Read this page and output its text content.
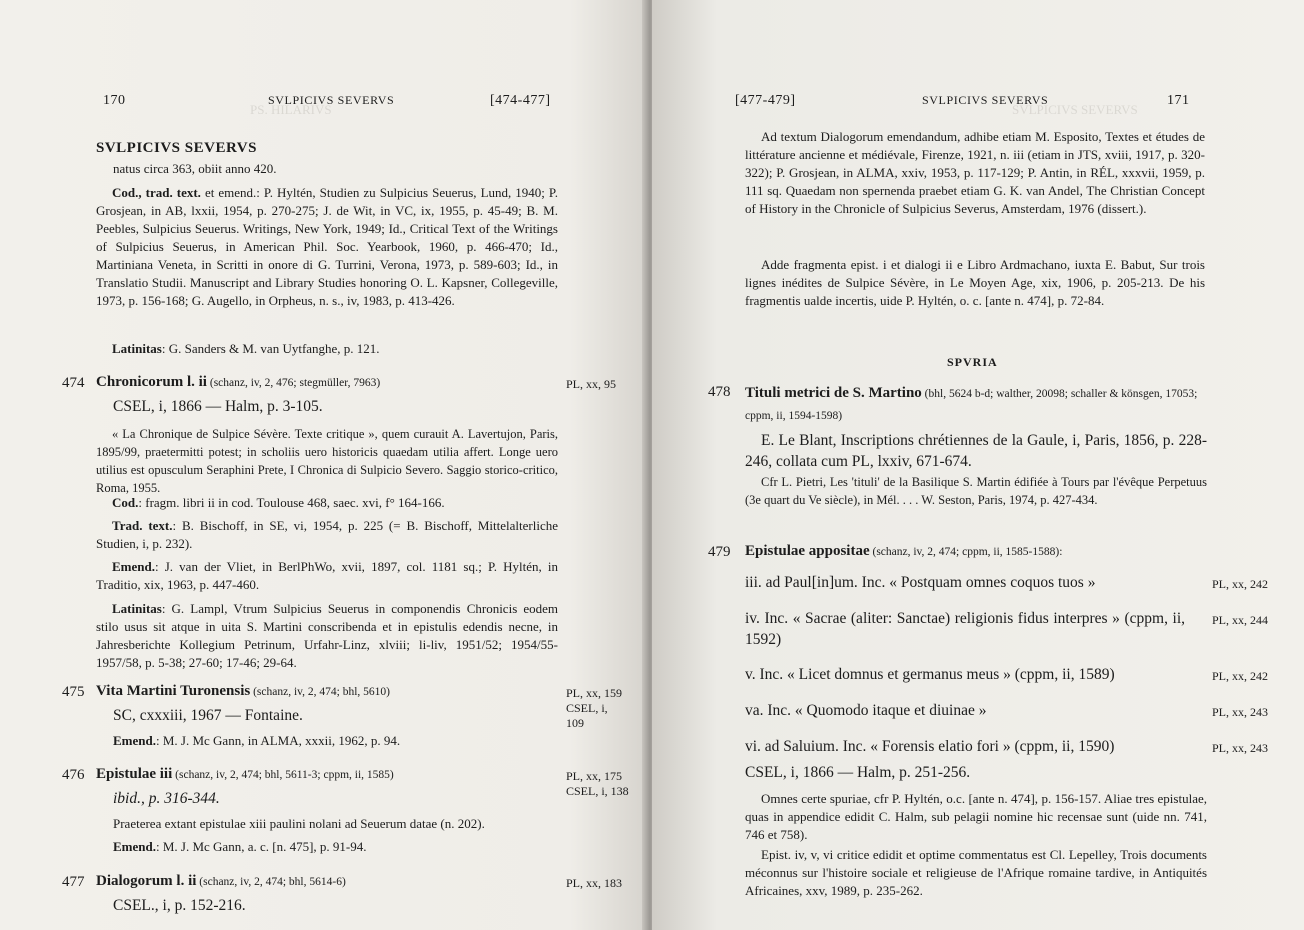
PS. HILARIVS
170	SVLPICIVS SEVERVS	[474-477]
SVLPICIVS SEVERVS
natus circa 363, obiit anno 420.
Cod., trad. text. et emend.: P. Hyltén, Studien zu Sulpicius Seuerus, Lund, 1940; P. Grosjean, in AB, lxxii, 1954, p. 270-275; J. de Wit, in VC, ix, 1955, p. 45-49; B. M. Peebles, Sulpicius Seuerus. Writings, New York, 1949; Id., Critical Text of the Writings of Sulpicius Seuerus, in American Phil. Soc. Yearbook, 1960, p. 466-470; Id., Martiniana Veneta, in Scritti in onore di G. Turrini, Verona, 1973, p. 589-603; Id., in Translatio Studii. Manuscript and Library Studies honoring O. L. Kapsner, Collegeville, 1973, p. 156-168; G. Augello, in Orpheus, n. s., iv, 1983, p. 413-426.
Latinitas: G. Sanders & M. van Uytfanghe, p. 121.
474 Chronicorum l. ii (schanz, iv, 2, 476; stegmüller, 7963)	PL, xx, 95
CSEL, i, 1866 — Halm, p. 3-105.
« La Chronique de Sulpice Sévère. Texte critique », quem curauit A. Lavertujon, Paris, 1895/99, praetermitti potest; in scholiis uero historicis quaedam utilia affert. Longe uero utilius est opusculum Seraphini Prete, I Chronica di Sulpicio Severo. Saggio storico-critico, Roma, 1955.
Cod.: fragm. libri ii in cod. Toulouse 468, saec. xvi, f° 164-166.
Trad. text.: B. Bischoff, in SE, vi, 1954, p. 225 (= B. Bischoff, Mittelalterliche Studien, i, p. 232).
Emend.: J. van der Vliet, in BerlPhWo, xvii, 1897, col. 1181 sq.; P. Hyltén, in Traditio, xix, 1963, p. 447-460.
Latinitas: G. Lampl, Vtrum Sulpicius Seuerus in componendis Chronicis eodem stilo usus sit atque in uita S. Martini conscribenda et in epistulis edendis necne, in Jahresberichte Kollegium Petrinum, Urfahr-Linz, xlviii; li-liv, 1951/52; 1954/55-1957/58, p. 5-38; 27-60; 17-46; 29-64.
475 Vita Martini Turonensis (schanz, iv, 2, 474; bhl, 5610)	PL, xx, 159
CSEL, i,
109
SC, cxxxiii, 1967 — Fontaine.
Emend.: M. J. Mc Gann, in ALMA, xxxii, 1962, p. 94.
476 Epistulae iii (schanz, iv, 2, 474; bhl, 5611-3; cppm, ii, 1585)	PL, xx, 175
CSEL, i, 138
ibid., p. 316-344.
Praeterea extant epistulae xiii paulini nolani ad Seuerum datae (n. 202).
Emend.: M. J. Mc Gann, a. c. [n. 475], p. 91-94.
477 Dialogorum l. ii (schanz, iv, 2, 474; bhl, 5614-6)	PL, xx, 183
CSEL., i, p. 152-216.
SVLPICIVS SEVERVS
[477-479]	SVLPICIVS SEVERVS	171
Ad textum Dialogorum emendandum, adhibe etiam M. Esposito, Textes et études de littérature ancienne et médiévale, Firenze, 1921, n. iii (etiam in JTS, xviii, 1917, p. 320-322); P. Grosjean, in ALMA, xxiv, 1953, p. 117-129; P. Antin, in RÉL, xxxvii, 1959, p. 111 sq. Quaedam non spernenda praebet etiam G. K. van Andel, The Christian Concept of History in the Chronicle of Sulpicius Severus, Amsterdam, 1976 (dissert.).
Adde fragmenta epist. i et dialogi ii e Libro Ardmachano, iuxta E. Babut, Sur trois lignes inédites de Sulpice Sévère, in Le Moyen Age, xix, 1906, p. 205-213. De his fragmentis ualde incertis, uide P. Hyltén, o. c. [ante n. 474], p. 72-84.
SPVRIA
478 Tituli metrici de S. Martino (bhl, 5624 b-d; walther, 20098; schaller & könsgen, 17053; cppm, ii, 1594-1598)
E. Le Blant, Inscriptions chrétiennes de la Gaule, i, Paris, 1856, p. 228-246, collata cum PL, lxxiv, 671-674.
Cfr L. Pietri, Les 'tituli' de la Basilique S. Martin édifiée à Tours par l'évêque Perpetuus (3e quart du Ve siècle), in Mél. . . . W. Seston, Paris, 1974, p. 427-434.
479 Epistulae appositae (schanz, iv, 2, 474; cppm, ii, 1585-1588):
iii. ad Paul[in]um. Inc. « Postquam omnes coquos tuos »	PL, xx, 242
iv. Inc. « Sacrae (aliter: Sanctae) religionis fidus interpres » (cppm, ii, 1592)
PL, xx, 244
v. Inc. « Licet domnus et germanus meus » (cppm, ii, 1589)	PL, xx, 242
va. Inc. « Quomodo itaque et diuinae »	PL, xx, 243
vi. ad Saluium. Inc. « Forensis elatio fori » (cppm, ii, 1590)	PL, xx, 243
CSEL, i, 1866 — Halm, p. 251-256.
Omnes certe spuriae, cfr P. Hyltén, o.c. [ante n. 474], p. 156-157. Aliae tres epistulae, quas in appendice edidit C. Halm, sub pelagii nomine hic recensae sunt (uide nn. 741, 746 et 758).
Epist. iv, v, vi critice edidit et optime commentatus est Cl. Lepelley, Trois documents méconnus sur l'histoire sociale et religieuse de l'Afrique romaine tardive, in Antiquités Africaines, xxv, 1989, p. 235-262.
